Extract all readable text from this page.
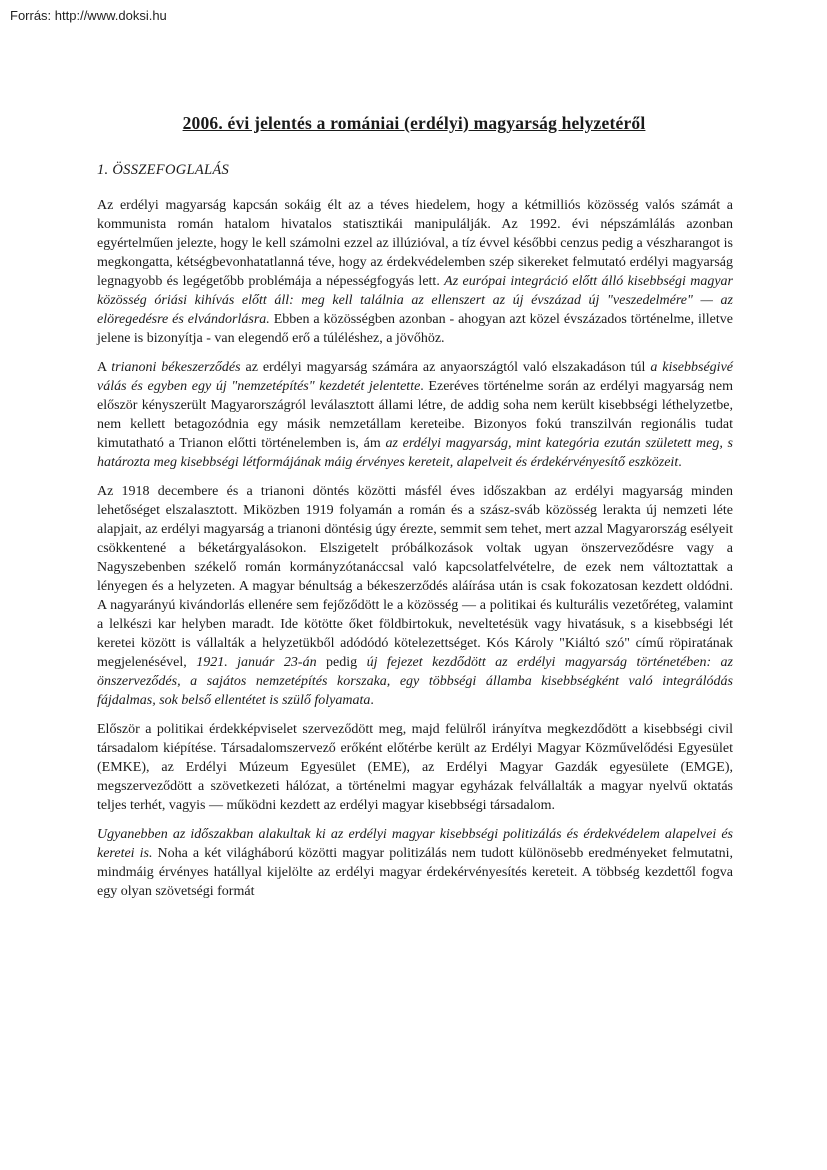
Forrás: http://www.doksi.hu
2006. évi jelentés a romániai (erdélyi) magyarság helyzetéről
1. ÖSSZEFOGLALÁS

Az erdélyi magyarság kapcsán sokáig élt az a téves hiedelem, hogy a kétmilliós közösség valós számát a kommunista román hatalom hivatalos statisztikái manipulálják. Az 1992. évi népszámlálás azonban egyértelműen jelezte, hogy le kell számolni ezzel az illúzióval, a tíz évvel későbbi cenzus pedig a vészharangot is megkongatta, kétségbevonhatatlanná téve, hogy az érdekvédelemben szép sikereket felmutató erdélyi magyarság legnagyobb és legégetőbb problémája a népességfogyás lett. Az európai integráció előtt álló kisebbségi magyar közösség óriási kihívás előtt áll: meg kell találnia az ellenszert az új évszázad új "veszedelmére" — az elöregedésre és elvándorlásra. Ebben a közösségben azonban - ahogyan azt közel évszázados történelme, illetve jelene is bizonyítja - van elegendő erő a túléléshez, a jövőhöz.

A trianoni békeszerződés az erdélyi magyarság számára az anyaországtól való elszakadáson túl a kisebbségivé válás és egyben egy új "nemzetépítés" kezdetét jelentette. Ezeréves történelme során az erdélyi magyarság nem először kényszerült Magyarországról leválasztott állami létre, de addig soha nem került kisebbségi léthelyzetbe, nem kellett betagozódnia egy másik nemzetállam kereteibe. Bizonyos fokú transzilván regionális tudat kimutatható a Trianon előtti történelemben is, ám az erdélyi magyarság, mint kategória ezután született meg, s határozta meg kisebbségi létformájának máig érvényes kereteit, alapelveit és érdekérvényesítő eszközeit.

Az 1918 decembere és a trianoni döntés közötti másfél éves időszakban az erdélyi magyarság minden lehetőséget elszalasztott. Miközben 1919 folyamán a román és a szász-sváb közösség lerakta új nemzeti léte alapjait, az erdélyi magyarság a trianoni döntésig úgy érezte, semmit sem tehet, mert azzal Magyarország esélyeit csökkentené a béketárgyalásokon. Elszigetelt próbálkozások voltak ugyan önszerveződésre vagy a Nagyszebenben székelő román kormányzótanáccsal való kapcsolatfelvételre, de ezek nem változtattak a lényegen és a helyzeten. A magyar bénultság a békeszerződés aláírása után is csak fokozatosan kezdett oldódni. A nagyarányú kivándorlás ellenére sem fejőződött le a közösség — a politikai és kulturális vezetőréteg, valamint a lelkészi kar helyben maradt. Ide kötötte őket földbirtokuk, neveltetésük vagy hivatásuk, s a kisebbségi lét keretei között is vállalták a helyzetükből adódódó kötelezettséget. Kós Károly "Kiáltó szó" című röpiratának megjelenésével, 1921. január 23-án pedig új fejezet kezdődött az erdélyi magyarság történetében: az önszerveződés, a sajátos nemzetépítés korszaka, egy többségi államba kisebbségként való integrálódás fájdalmas, sok belső ellentétet is szülő folyamata.

Először a politikai érdekképviselet szerveződött meg, majd felülről irányítva megkezdődött a kisebbségi civil társadalom kiépítése. Társadalomszervező erőként előtérbe került az Erdélyi Magyar Közművelődési Egyesület (EMKE), az Erdélyi Múzeum Egyesület (EME), az Erdélyi Magyar Gazdák egyesülete (EMGE), megszerveződött a szövetkezeti hálózat, a történelmi magyar egyházak felvállalták a magyar nyelvű oktatás teljes terhét, vagyis — működni kezdett az erdélyi magyar kisebbségi társadalom.

Ugyanebben az időszakban alakultak ki az erdélyi magyar kisebbségi politizálás és érdekvédelem alapelvei és keretei is. Noha a két világháború közötti magyar politizálás nem tudott különösebb eredményeket felmutatni, mindmáig érvényes hatállyal kijelölte az erdélyi magyar érdekérvényesítés kereteit. A többség kezdettől fogva egy olyan szövetségi formát
